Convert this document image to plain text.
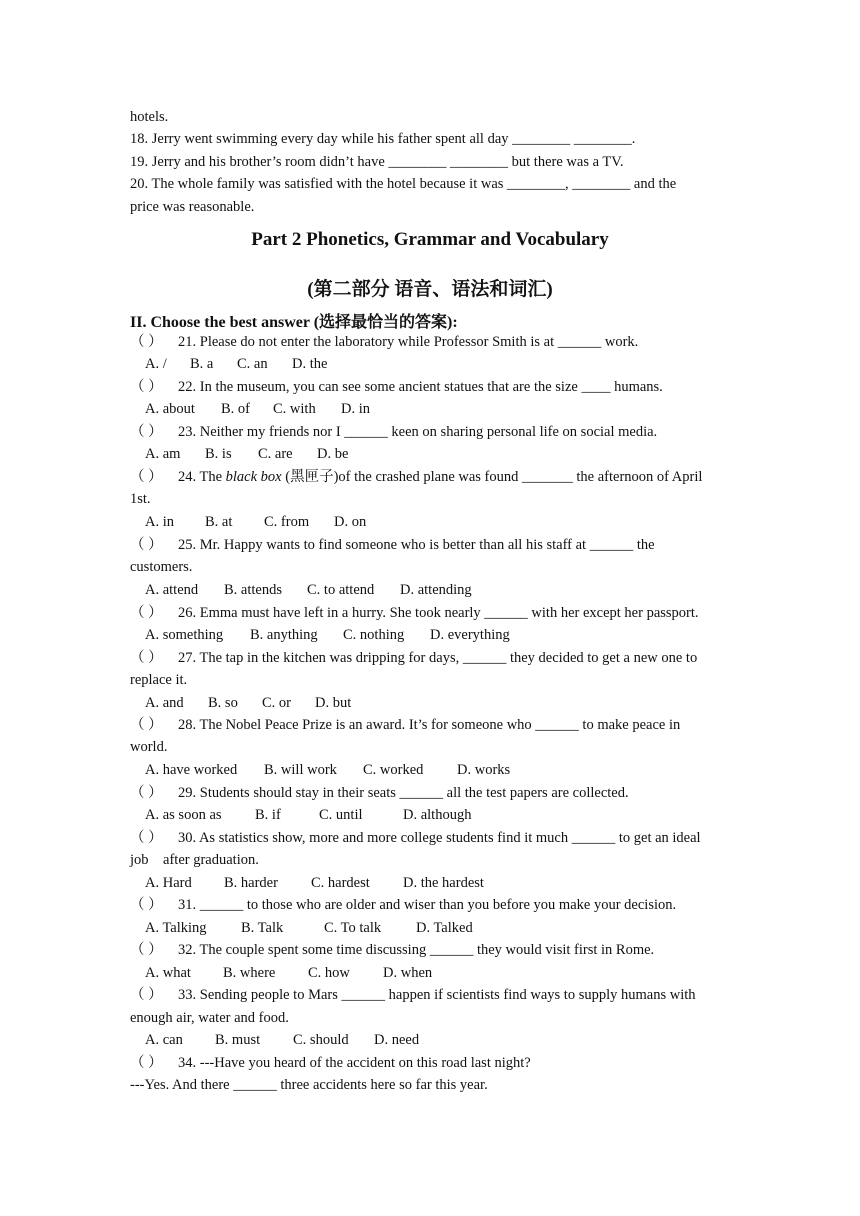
hotels.
18. Jerry went swimming every day while his father spent all day ________ ________.
19. Jerry and his brother’s room didn’t have ________ ________ but there was a TV.
20. The whole family was satisfied with the hotel because it was ________, ________ and the
price was reasonable.
Part 2 Phonetics, Grammar and Vocabulary
(第二部分 语音、语法和词汇)
II. Choose the best answer (选择最恰当的答案):
（ ） 21. Please do not enter the laboratory while Professor Smith is at ______ work.
A. / B. a C. an D. the
（ ） 22. In the museum, you can see some ancient statues that are the size ____ humans.
A. about B. of C. with D. in
（ ） 23. Neither my friends nor I ______ keen on sharing personal life on social media.
A. am B. is C. are D. be
（ ） 24. The black box (黑匣子)of the crashed plane was found _______ the afternoon of April
1st.
A. in B. at C. from D. on
（ ） 25. Mr. Happy wants to find someone who is better than all his staff at ______ the
customers.
A. attend B. attends C. to attend D. attending
（ ） 26. Emma must have left in a hurry. She took nearly ______ with her except her passport.
A. something B. anything C. nothing D. everything
（ ） 27. The tap in the kitchen was dripping for days, ______ they decided to get a new one to
replace it.
A. and B. so C. or D. but
（ ） 28. The Nobel Peace Prize is an award. It’s for someone who ______ to make peace in
world.
A. have worked B. will work C. worked D. works
（ ） 29. Students should stay in their seats ______ all the test papers are collected.
A. as soon as B. if	C. until	D. although
（ ） 30. As statistics show, more and more college students find it much ______ to get an ideal
job    after graduation.
A. Hard B. harder C. hardest D. the hardest
（ ） 31. ______ to those who are older and wiser than you before you make your decision.
A. Talking B. Talk	C. To talk D. Talked
（ ） 32. The couple spent some time discussing ______ they would visit first in Rome.
A. what B. where C. how D. when
（ ） 33. Sending people to Mars ______ happen if scientists find ways to supply humans with
enough air, water and food.
A. can B. must C. should D. need
（ ） 34. ---Have you heard of the accident on this road last night?
---Yes. And there ______ three accidents here so far this year.
